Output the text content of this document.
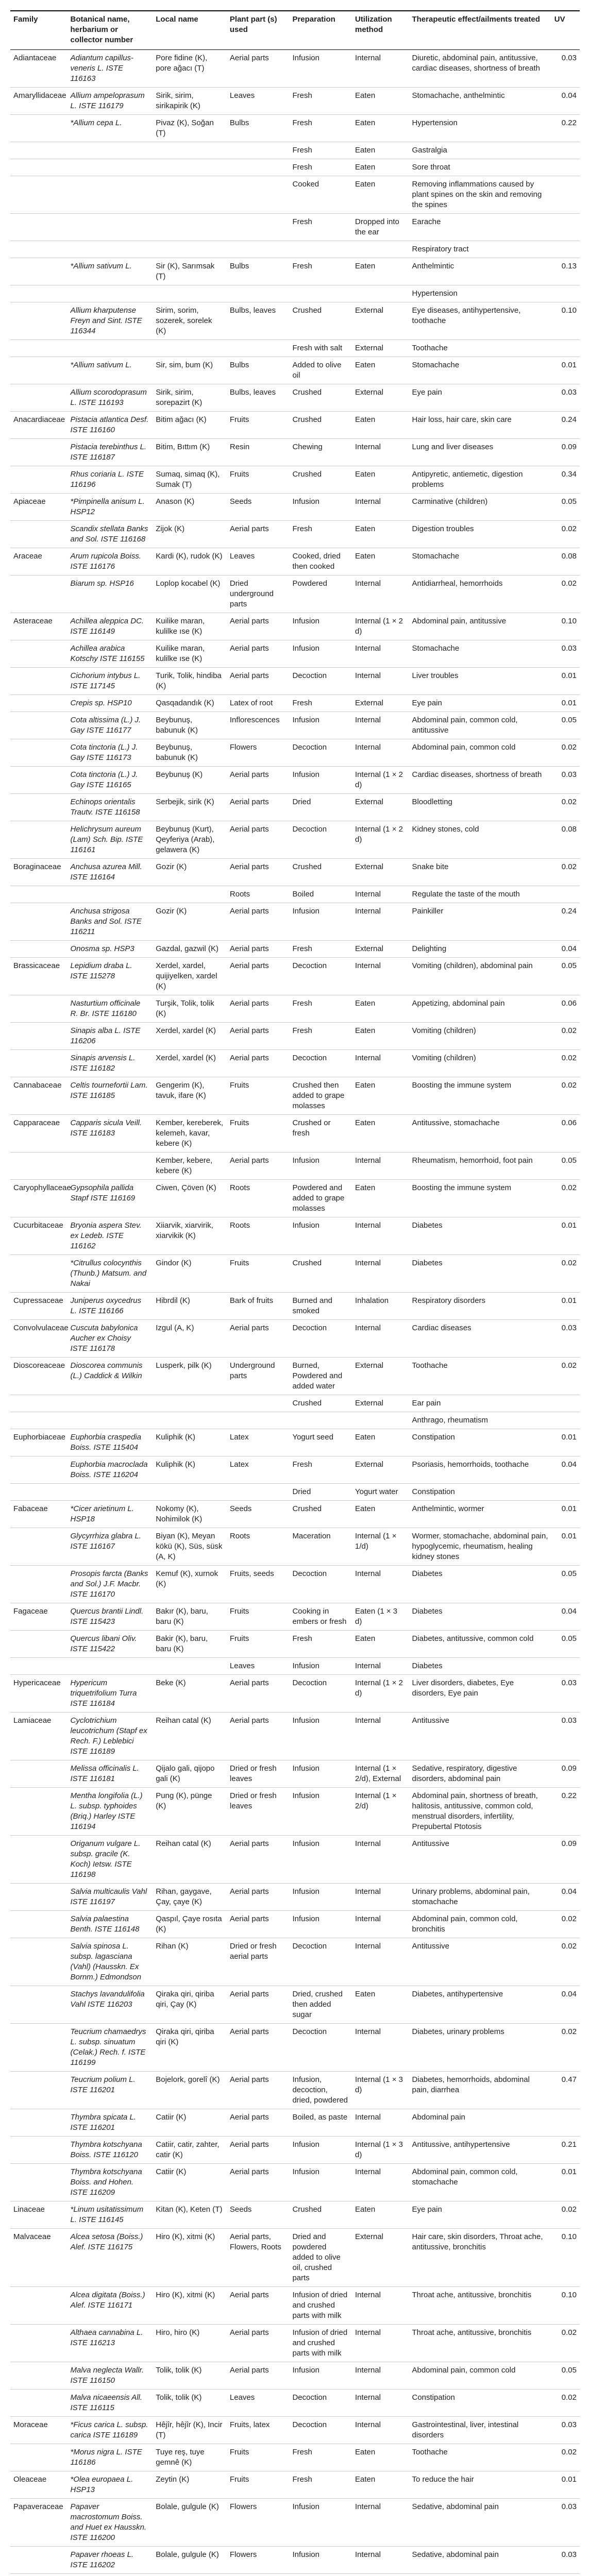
Family	Botanical name, herbarium or collector number	Local name	Plant part (s) used	Preparation	Utilization method	Therapeutic effect/ailments treated	UV
Adiantaceae	Adiantum capillus-veneris L. ISTE 116163	Pore fidine (K), pore ağacı (T)	Aerial parts	Infusion	Internal	Diuretic, abdominal pain, antitussive, cardiac diseases, shortness of breath	0.03
Amaryllidaceae	Allium ampeloprasum L. ISTE 116179	Sirik, sirim, sirikapirik (K)	Leaves	Fresh	Eaten	Stomachache, anthelmintic	0.04
	*Allium cepa L.	Pivaz (K), Soğan (T)	Bulbs	Fresh	Eaten	Hypertension	0.22
				Fresh	Eaten	Gastralgia	
				Fresh	Eaten	Sore throat	
				Cooked	Eaten	Removing inflammations caused by plant spines on the skin and removing the spines	
				Fresh	Dropped into the ear	Earache	
						Respiratory tract	
	*Allium sativum L.	Sir (K), Sarımsak (T)	Bulbs	Fresh	Eaten	Anthelmintic	0.13
						Hypertension	
	Allium kharputense Freyn and Sint. ISTE 116344	Sirim, sorim, sozerek, sorelek (K)	Bulbs, leaves	Crushed	External	Eye diseases, antihypertensive, toothache	0.10
				Fresh with salt	External	Toothache	
	*Allium sativum L.	Sir, sim, bum (K)	Bulbs	Added to olive oil	Eaten	Stomachache	0.01
	Allium scorodoprasum L. ISTE 116193	Sirik, sirim, sorepazirt (K)	Bulbs, leaves	Crushed	External	Eye pain	0.03
Anacardiaceae	Pistacia atlantica Desf. ISTE 116160	Bitim ağacı (K)	Fruits	Crushed	Eaten	Hair loss, hair care, skin care	0.24
	Pistacia terebinthus L. ISTE 116187	Bitim, Bıttım (K)	Resin	Chewing	Internal	Lung and liver diseases	0.09
	Rhus coriaria L. ISTE 116196	Sumaq, simaq (K), Sumak (T)	Fruits	Crushed	Eaten	Antipyretic, antiemetic, digestion problems	0.34
Apiaceae	*Pimpinella anisum L. HSP12	Anason (K)	Seeds	Infusion	Internal	Carminative (children)	0.05
	Scandix stellata Banks and Sol. ISTE 116168	Zijok (K)	Aerial parts	Fresh	Eaten	Digestion troubles	0.02
Araceae	Arum rupicola Boiss. ISTE 116176	Kardi (K), rudok (K)	Leaves	Cooked, dried then cooked	Eaten	Stomachache	0.08
	Biarum sp. HSP16	Loplop kocabel (K)	Dried underground parts	Powdered	Internal	Antidiarrheal, hemorrhoids	0.02
Asteraceae	Achillea aleppica DC. ISTE 116149	Kuilike maran, kulilke ıse (K)	Aerial parts	Infusion	Internal (1 × 2 d)	Abdominal pain, antitussive	0.10
	Achillea arabica Kotschy ISTE 116155	Kuilike maran, kulilke ıse (K)	Aerial parts	Infusion	Internal	Stomachache	0.03
	Cichorium intybus L. ISTE 117145	Turik, Tolik, hindiba (K)	Aerial parts	Decoction	Internal	Liver troubles	0.01
	Crepis sp. HSP10	Qasqadandık (K)	Latex of root	Fresh	External	Eye pain	0.01
	Cota altissima (L.) J. Gay ISTE 116177	Beybunuş, babunuk (K)	Inflorescences	Infusion	Internal	Abdominal pain, common cold, antitussive	0.05
	Cota tinctoria (L.) J. Gay ISTE 116173	Beybunuş, babunuk (K)	Flowers	Decoction	Internal	Abdominal pain, common cold	0.02
	Cota tinctoria (L.) J. Gay ISTE 116165	Beybunuş (K)	Aerial parts	Infusion	Internal (1 × 2 d)	Cardiac diseases, shortness of breath	0.03
	Echinops orientalis Trautv. ISTE 116158	Serbejik, sirik (K)	Aerial parts	Dried	External	Bloodletting	0.02
	Helichrysum aureum (Lam) Sch. Bip. ISTE 116161	Beybunuş (Kurt), Qeyferiya (Arab), gelawera (K)	Aerial parts	Decoction	Internal (1 × 2 d)	Kidney stones, cold	0.08
Boraginaceae	Anchusa azurea Mill. ISTE 116164	Gozir (K)	Aerial parts	Crushed	External	Snake bite	0.02
			Roots	Boiled	Internal	Regulate the taste of the mouth	
	Anchusa strigosa Banks and Sol. ISTE 116211	Gozir (K)	Aerial parts	Infusion	Internal	Painkiller	0.24
	Onosma sp. HSP3	Gazdal, gazwil (K)	Aerial parts	Fresh	External	Delighting	0.04
Brassicaceae	Lepidium draba L. ISTE 115278	Xerdel, xardel, quijiyelken, xardel (K)	Aerial parts	Decoction	Internal	Vomiting (children), abdominal pain	0.05
	Nasturtium officinale R. Br. ISTE 116180	Turşik, Tolik, tolik (K)	Aerial parts	Fresh	Eaten	Appetizing, abdominal pain	0.06
	Sinapis alba L. ISTE 116206	Xerdel, xardel (K)	Aerial parts	Fresh	Eaten	Vomiting (children)	0.02
	Sinapis arvensis L. ISTE 116182	Xerdel, xardel (K)	Aerial parts	Decoction	Internal	Vomiting (children)	0.02
Cannabaceae	Celtis tournefortii Lam. ISTE 116185	Gengerim (K), tavuk, ifare (K)	Fruits	Crushed then added to grape molasses	Eaten	Boosting the immune system	0.02
Capparaceae	Capparis sicula Veill. ISTE 116183	Kember, kereberek, kelemeh, kavar, kebere (K)	Fruits	Crushed or fresh	Eaten	Antitussive, stomachache	0.06
		Kember, kebere, kebere (K)	Aerial parts	Infusion	Internal	Rheumatism, hemorrhoid, foot pain	0.05
Caryophyllaceae	Gypsophila pallida Stapf ISTE 116169	Ciwen, Çöven (K)	Roots	Powdered and added to grape molasses	Eaten	Boosting the immune system	0.02
Cucurbitaceae	Bryonia aspera Stev. ex Ledeb. ISTE 116162	Xiiarvik, xiarvirik, xiarvikik (K)	Roots	Infusion	Internal	Diabetes	0.01
	*Citrullus colocynthis (Thunb.) Matsum. and Nakai	Gindor (K)	Fruits	Crushed	Internal	Diabetes	0.02
Cupressaceae	Juniperus oxycedrus L. ISTE 116166	Hibrdil (K)	Bark of fruits	Burned and smoked	Inhalation	Respiratory disorders	0.01
Convolvulaceae	Cuscuta babylonica Aucher ex Choisy ISTE 116178	Izgul (A, K)	Aerial parts	Decoction	Internal	Cardiac diseases	0.03
Dioscoreaceae	Dioscorea communis (L.) Caddick & Wilkin	Lusperk, pilk (K)	Underground parts	Burned, Powdered and added water	External	Toothache	0.02
				Crushed	External	Ear pain	
						Anthrago, rheumatism	
Euphorbiaceae	Euphorbia craspedia Boiss. ISTE 115404	Kuliphik (K)	Latex	Yogurt seed	Eaten	Constipation	0.01
	Euphorbia macroclada Boiss. ISTE 116204	Kuliphik (K)	Latex	Fresh	External	Psoriasis, hemorrhoids, toothache	0.04
				Dried	Yogurt water	Constipation	
Fabaceae	*Cicer arietinum L. HSP18	Nokomy (K), Nohimilok (K)	Seeds	Crushed	Eaten	Anthelmintic, wormer	0.01
	Glycyrrhiza glabra L. ISTE 116167	Biyan (K), Meyan kökü (K), Süs, süsk (A, K)	Roots	Maceration	Internal (1 × 1/d)	Wormer, stomachache, abdominal pain, hypoglycemic, rheumatism, healing kidney stones	0.01
	Prosopis farcta (Banks and Sol.) J.F. Macbr. ISTE 116170	Kemuf (K), xurnok (K)	Fruits, seeds	Decoction	Internal	Diabetes	0.05
Fagaceae	Quercus brantii Lindl. ISTE 115423	Bakır (K), baru, baru (K)	Fruits	Cooking in embers or fresh	Eaten (1 × 3 d)	Diabetes	0.04
	Quercus libani Oliv. ISTE 115422	Bakir (K), baru, baru (K)	Fruits	Fresh	Eaten	Diabetes, antitussive, common cold	0.05
			Leaves	Infusion	Internal	Diabetes	
Hypericaceae	Hypericum triquetrifolium Turra ISTE 116184	Beke (K)	Aerial parts	Decoction	Internal (1 × 2 d)	Liver disorders, diabetes, Eye disorders, Eye pain	0.03
Lamiaceae	Cyclotrichium leucotrichum (Stapf ex Rech. F.) Leblebici ISTE 116189	Reihan catal (K)	Aerial parts	Infusion	Internal	Antitussive	0.03
	Melissa officinalis L. ISTE 116181	Qijalo gali, qijopo gali (K)	Dried or fresh leaves	Infusion	Internal (1 × 2/d), External	Sedative, respiratory, digestive disorders, abdominal pain	0.09
	Mentha longifolia (L.) L. subsp. typhoides (Briq.) Harley ISTE 116194	Pung (K), pünge (K)	Dried or fresh leaves	Infusion	Internal (1 × 2/d)	Abdominal pain, shortness of breath, halitosis, antitussive, common cold, menstrual disorders, infertility, Prepubertal Ptotosis	0.22
	Origanum vulgare L. subsp. gracile (K. Koch) Ietsw. ISTE 116198	Reihan catal (K)	Aerial parts	Infusion	Internal	Antitussive	0.09
	Salvia multicaulis Vahl ISTE 116197	Rihan, gaygave, Çay, çaye (K)	Aerial parts	Infusion	Internal	Urinary problems, abdominal pain, stomachache	0.04
	Salvia palaestina Benth. ISTE 116148	Qaspıl, Çaye rosıta (K)	Aerial parts	Infusion	Internal	Abdominal pain, common cold, bronchitis	0.02
	Salvia spinosa L. subsp. lagasciana (Vahl) (Hausskn. Ex Bornm.) Edmondson	Rihan (K)	Dried or fresh aerial parts	Decoction	Internal	Antitussive	0.02
	Stachys lavandulifolia Vahl ISTE 116203	Qiraka qiri, qiriba qiri, Çay (K)	Aerial parts	Dried, crushed then added sugar	Eaten	Diabetes, antihypertensive	0.04
	Teucrium chamaedrys L. subsp. sinuatum (Celak.) Rech. f. ISTE 116199	Qiraka qiri, qiriba qiri (K)	Aerial parts	Decoction	Internal	Diabetes, urinary problems	0.02
	Teucrium polium L. ISTE 116201	Bojelork, gorelî (K)	Aerial parts	Infusion, decoction, dried, powdered	Internal (1 × 3 d)	Diabetes, hemorrhoids, abdominal pain, diarrhea	0.47
	Thymbra spicata L. ISTE 116201	Catiir (K)	Aerial parts	Boiled, as paste	Internal	Abdominal pain	
	Thymbra kotschyana Boiss. ISTE 116120	Catiir, catir, zahter, catir (K)	Aerial parts	Infusion	Internal (1 × 3 d)	Antitussive, antihypertensive	0.21
	Thymbra kotschyana Boiss. and Hohen. ISTE 116209	Catiir (K)	Aerial parts	Infusion	Internal	Abdominal pain, common cold, stomachache	0.01
Linaceae	*Linum usitatissimum L. ISTE 116145	Kitan (K), Keten (T)	Seeds	Crushed	Eaten	Eye pain	0.02
Malvaceae	Alcea setosa (Boiss.) Alef. ISTE 116175	Hiro (K), xitmi (K)	Aerial parts, Flowers, Roots	Dried and powdered added to olive oil, crushed parts	External	Hair care, skin disorders, Throat ache, antitussive, bronchitis	0.10
	Alcea digitata (Boiss.) Alef. ISTE 116171	Hiro (K), xitmi (K)	Aerial parts	Infusion of dried and crushed parts with milk	Internal	Throat ache, antitussive, bronchitis	0.10
	Althaea cannabina L. ISTE 116213	Hiro, hiro (K)	Aerial parts	Infusion of dried and crushed parts with milk	Internal	Throat ache, antitussive, bronchitis	0.02
	Malva neglecta Wallr. ISTE 116150	Tolik, tolik (K)	Aerial parts	Infusion	Internal	Abdominal pain, common cold	0.05
	Malva nicaeensis All. ISTE 116115	Tolik, tolik (K)	Leaves	Decoction	Internal	Constipation	0.02
Moraceae	*Ficus carica L. subsp. carica ISTE 116189	Hêjîr, hêjîr (K), Incir (T)	Fruits, latex	Decoction	Internal	Gastrointestinal, liver, intestinal disorders	0.03
	*Morus nigra L. ISTE 116186	Tuye reş, tuye gemnê (K)	Fruits	Fresh	Eaten	Toothache	0.02
Oleaceae	*Olea europaea L. HSP13	Zeytin (K)	Fruits	Fresh	Eaten	To reduce the hair	0.01
Papaveraceae	Papaver macrostomum Boiss. and Huet ex Hausskn. ISTE 116200	Bolale, gulgule (K)	Flowers	Infusion	Internal	Sedative, abdominal pain	0.03
	Papaver rhoeas L. ISTE 116202	Bolale, gulgule (K)	Flowers	Infusion	Internal	Sedative, abdominal pain	0.03
